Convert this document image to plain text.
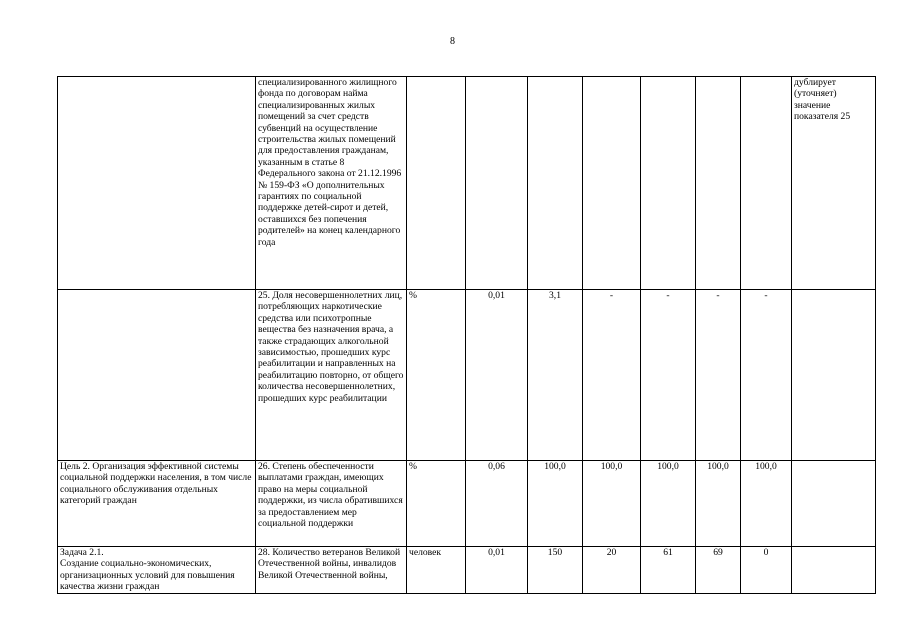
8
	специализированного жилищного фонда по договорам найма специализированных жилых помещений за счет средств субвенций на осуществление строительства жилых помещений для предоставления гражданам, указанным в статье 8 Федерального закона от 21.12.1996 № 159-ФЗ «О дополнительных гарантиях по социальной поддержке детей-сирот и детей, оставшихся без попечения родителей» на конец календарного года								дублирует (уточняет) значение показателя 25
	25. Доля несовершеннолетних лиц, потребляющих наркотические средства или психотропные вещества без назначения врача, а также страдающих алкогольной зависимостью, прошедших курс реабилитации и направленных на реабилитацию повторно, от общего количества несовершеннолетних, прошедших курс реабилитации	%	0,01	3,1	-	-	-	-	
Цель 2. Организация эффективной системы социальной поддержки населения, в том числе социального обслуживания отдельных категорий граждан	26. Степень обеспеченности выплатами граждан, имеющих право на меры социальной поддержки, из числа обратившихся за предоставлением мер социальной поддержки	%	0,06	100,0	100,0	100,0	100,0	100,0	
Задача 2.1.
Создание социально-экономических, организационных условий для повышения качества жизни граждан	28. Количество ветеранов Великой Отечественной войны, инвалидов Великой Отечественной войны,	человек	0,01	150	20	61	69	0	
